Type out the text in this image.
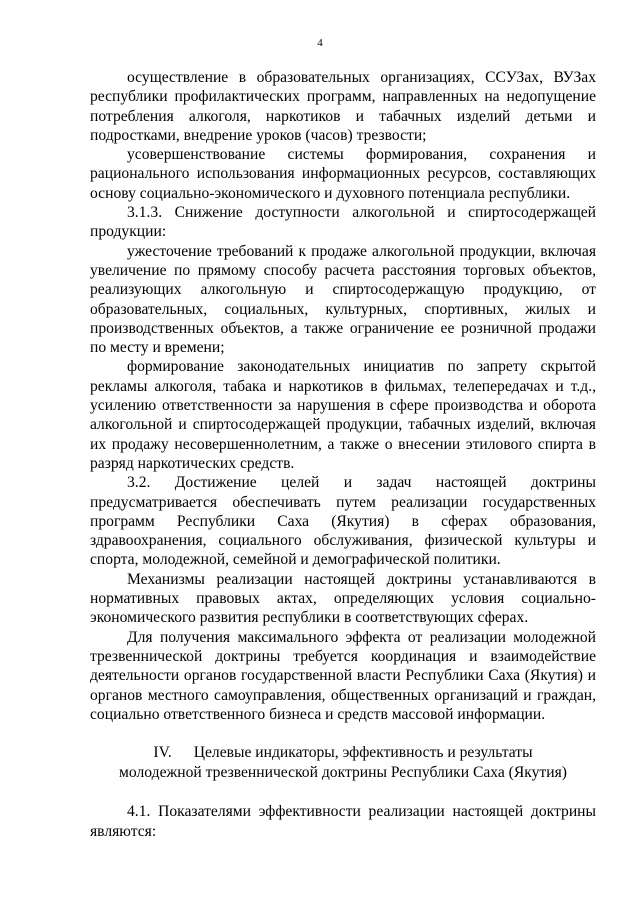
4

осуществление в образовательных организациях, ССУЗах, ВУЗах республики профилактических программ, направленных на недопущение потребления алкоголя, наркотиков и табачных изделий детьми и подростками, внедрение уроков (часов) трезвости;

усовершенствование системы формирования, сохранения и рационального использования информационных ресурсов, составляющих основу социально-экономического и духовного потенциала республики.

3.1.3. Снижение доступности алкогольной и спиртосодержащей продукции:

ужесточение требований к продаже алкогольной продукции, включая увеличение по прямому способу расчета расстояния торговых объектов, реализующих алкогольную и спиртосодержащую продукцию, от образовательных, социальных, культурных, спортивных, жилых и производственных объектов, а также ограничение ее розничной продажи по месту и времени;

формирование законодательных инициатив по запрету скрытой рекламы алкоголя, табака и наркотиков в фильмах, телепередачах и т.д., усилению ответственности за нарушения в сфере производства и оборота алкогольной и спиртосодержащей продукции, табачных изделий, включая их продажу несовершеннолетним, а также о внесении этилового спирта в разряд наркотических средств.

3.2. Достижение целей и задач настоящей доктрины предусматривается обеспечивать путем реализации государственных программ Республики Саха (Якутия) в сферах образования, здравоохранения, социального обслуживания, физической культуры и спорта, молодежной, семейной и демографической политики.

Механизмы реализации настоящей доктрины устанавливаются в нормативных правовых актах, определяющих условия социально-экономического развития республики в соответствующих сферах.

Для получения максимального эффекта от реализации молодежной трезвеннической доктрины требуется координация и взаимодействие деятельности органов государственной власти Республики Саха (Якутия) и органов местного самоуправления, общественных организаций и граждан, социально ответственного бизнеса и средств массовой информации.

IV. Целевые индикаторы, эффективность и результаты
молодежной трезвеннической доктрины Республики Саха (Якутия)

4.1. Показателями эффективности реализации настоящей доктрины являются:
